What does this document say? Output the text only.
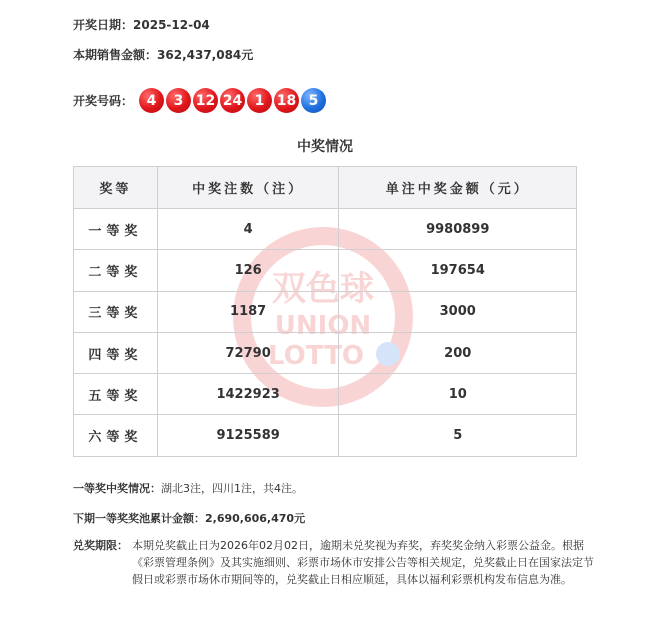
开奖日期：2025-12-04
本期销售金额：362,437,084元
开奖号码： 4	3 12 24 1 18 5
中奖情况
双色球
UNION
LOTTO
奖等	中奖注数（注）	单注中奖金额（元）
一等奖	4	9980899
二等奖	126	197654
三等奖	1187	3000
四等奖	72790	200
五等奖	1422923	10
六等奖	9125589	5
一等奖中奖情况：湖北3注，四川1注，共4注。
下期一等奖奖池累计金额：2,690,606,470元
兑奖期限： 本期兑奖截止日为2026年02月02日，逾期未兑奖视为弃奖，弃奖奖金纳入彩票公益金。根据《彩票管理条例》及其实施细则、彩票市场休市安排公告等相关规定，兑奖截止日在国家法定节假日或彩票市场休市期间等的，兑奖截止日相应顺延，具体以福利彩票机构发布信息为准。
